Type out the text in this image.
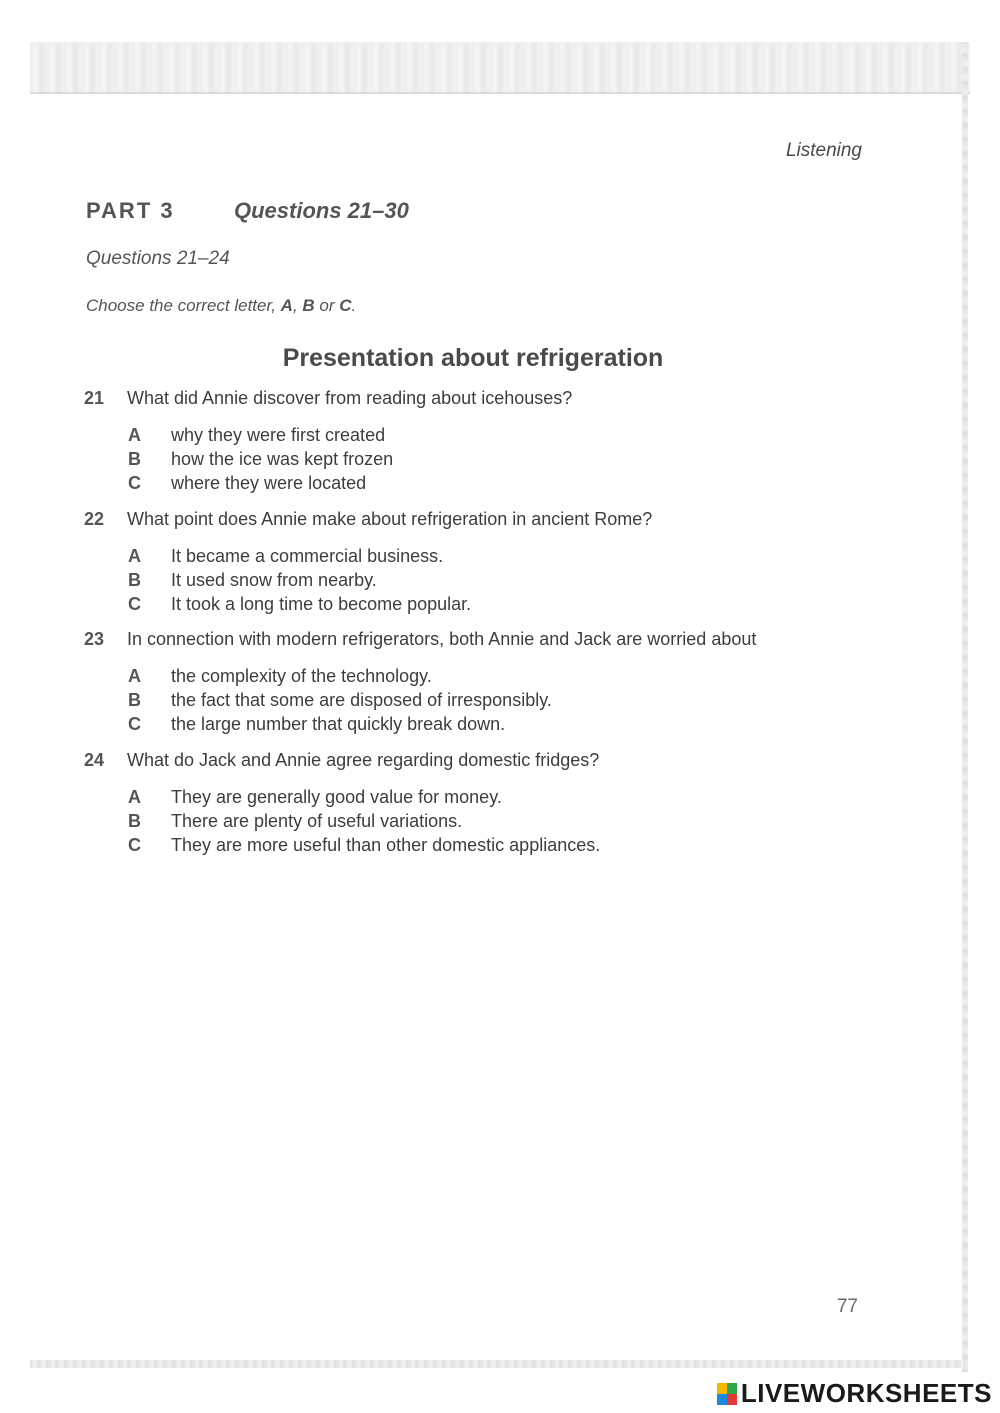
Listening
PART 3	Questions 21–30
Questions 21–24
Choose the correct letter, A, B or C.
Presentation about refrigeration
21	What did Annie discover from reading about icehouses?
A	why they were first created
B	how the ice was kept frozen
C	where they were located
22	What point does Annie make about refrigeration in ancient Rome?
A	It became a commercial business.
B	It used snow from nearby.
C	It took a long time to become popular.
23	In connection with modern refrigerators, both Annie and Jack are worried about
A	the complexity of the technology.
B	the fact that some are disposed of irresponsibly.
C	the large number that quickly break down.
24	What do Jack and Annie agree regarding domestic fridges?
A	They are generally good value for money.
B	There are plenty of useful variations.
C	They are more useful than other domestic appliances.
77
LIVEWORKSHEETS
